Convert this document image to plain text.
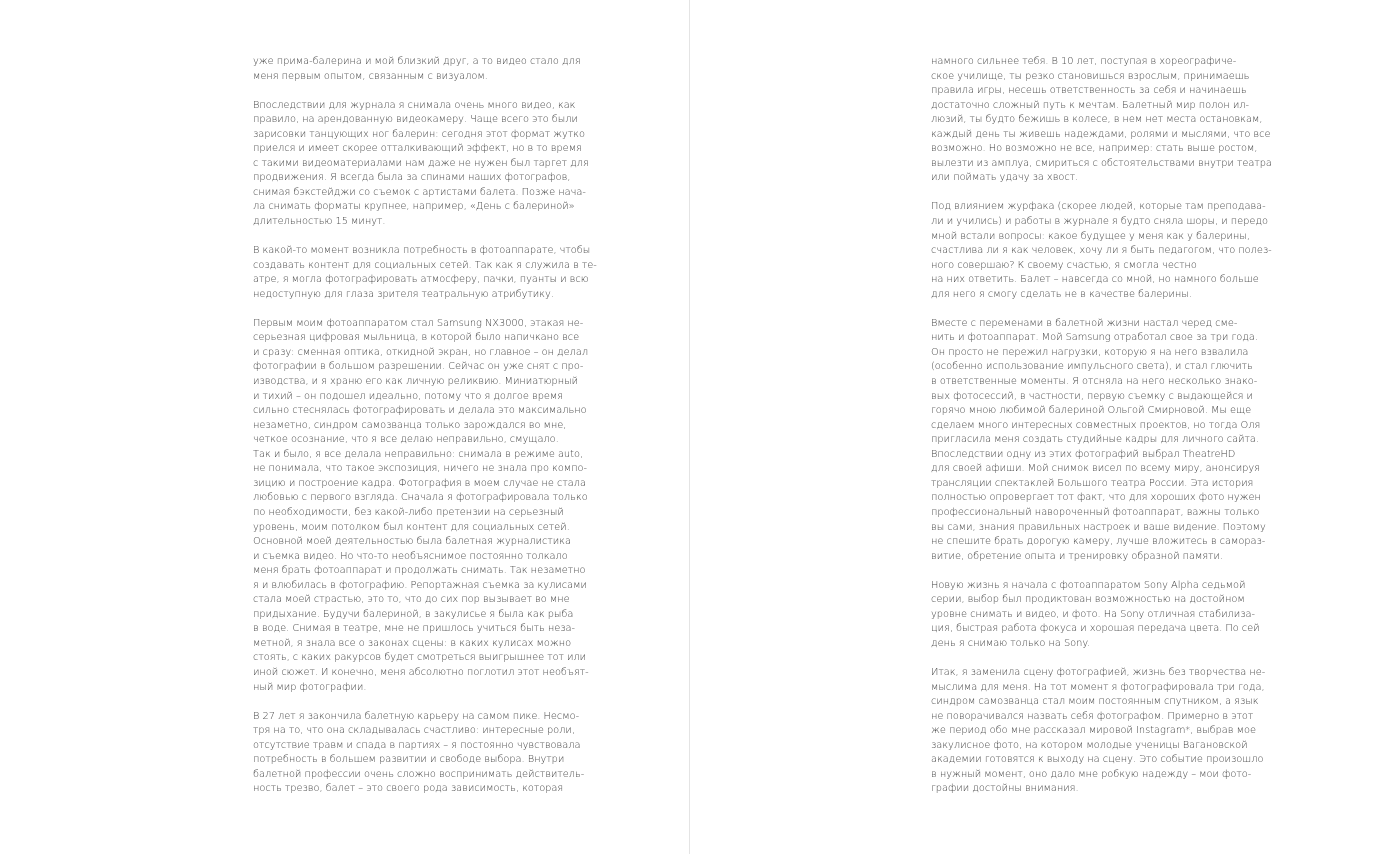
уже прима-балерина и мой близкий друг, а то видео стало для
меня первым опытом, связанным с визуалом.
Впоследствии для журнала я снимала очень много видео, как
правило, на арендованную видеокамеру. Чаще всего это были
зарисовки танцующих ног балерин: сегодня этот формат жутко
приелся и имеет скорее отталкивающий эффект, но в то время
с такими видеоматериалами нам даже не нужен был таргет для
продвижения. Я всегда была за спинами наших фотографов,
снимая бэкстейджи со съемок с артистами балета. Позже нача-
ла снимать форматы крупнее, например, «День с балериной»
длительностью 15 минут.
В какой-то момент возникла потребность в фотоаппарате, чтобы
создавать контент для социальных сетей. Так как я служила в те-
атре, я могла фотографировать атмосферу, пачки, пуанты и всю
недоступную для глаза зрителя театральную атрибутику.
Первым моим фотоаппаратом стал Samsung NX3000, этакая не-
серьезная цифровая мыльница, в которой было напичкано все
и сразу: сменная оптика, откидной экран, но главное – он делал
фотографии в большом разрешении. Сейчас он уже снят с про-
изводства, и я храню его как личную реликвию. Миниатюрный
и тихий – он подошел идеально, потому что я долгое время
сильно стеснялась фотографировать и делала это максимально
незаметно, синдром самозванца только зарождался во мне,
четкое осознание, что я все делаю неправильно, смущало.
Так и было, я все делала неправильно: снимала в режиме auto,
не понимала, что такое экспозиция, ничего не знала про компо-
зицию и построение кадра. Фотография в моем случае не стала
любовью с первого взгляда. Сначала я фотографировала только
по необходимости, без какой-либо претензии на серьезный
уровень, моим потолком был контент для социальных сетей.
Основной моей деятельностью была балетная журналистика
и съемка видео. Но что-то необъяснимое постоянно толкало
меня брать фотоаппарат и продолжать снимать. Так незаметно
я и влюбилась в фотографию. Репортажная съемка за кулисами
стала моей страстью, это то, что до сих пор вызывает во мне
придыхание. Будучи балериной, в закулисье я была как рыба
в воде. Снимая в театре, мне не пришлось учиться быть неза-
метной, я знала все о законах сцены: в каких кулисах можно
стоять, с каких ракурсов будет смотреться выигрышнее тот или
иной сюжет. И конечно, меня абсолютно поглотил этот необъят-
ный мир фотографии.
В 27 лет я закончила балетную карьеру на самом пике. Несмо-
тря на то, что она складывалась счастливо: интересные роли,
отсутствие травм и спада в партиях – я постоянно чувствовала
потребность в большем развитии и свободе выбора. Внутри
балетной профессии очень сложно воспринимать действитель-
ность трезво, балет – это своего рода зависимость, которая
намного сильнее тебя. В 10 лет, поступая в хореографиче-
ское училище, ты резко становишься взрослым, принимаешь
правила игры, несешь ответственность за себя и начинаешь
достаточно сложный путь к мечтам. Балетный мир полон ил-
люзий, ты будто бежишь в колесе, в нем нет места остановкам,
каждый день ты живешь надеждами, ролями и мыслями, что все
возможно. Но возможно не все, например: стать выше ростом,
вылезти из амплуа, смириться с обстоятельствами внутри театра
или поймать удачу за хвост.
Под влиянием журфака (скорее людей, которые там преподава-
ли и учились) и работы в журнале я будто сняла шоры, и передо
мной встали вопросы: какое будущее у меня как у балерины,
счастлива ли я как человек, хочу ли я быть педагогом, что полез-
ного совершаю? К своему счастью, я смогла честно
на них ответить. Балет – навсегда со мной, но намного больше
для него я смогу сделать не в качестве балерины.
Вместе с переменами в балетной жизни настал черед сме-
нить и фотоаппарат. Мой Samsung отработал свое за три года.
Он просто не пережил нагрузки, которую я на него взвалила
(особенно использование импульсного света), и стал глючить
в ответственные моменты. Я отсняла на него несколько знако-
вых фотосессий, в частности, первую съемку с выдающейся и
горячо мною любимой балериной Ольгой Смирновой. Мы еще
сделаем много интересных совместных проектов, но тогда Оля
пригласила меня создать студийные кадры для личного сайта.
Впоследствии одну из этих фотографий выбрал TheatreHD
для своей афиши. Мой снимок висел по всему миру, анонсируя
трансляции спектаклей Большого театра России. Эта история
полностью опровергает тот факт, что для хороших фото нужен
профессиональный навороченный фотоаппарат, важны только
вы сами, знания правильных настроек и ваше видение. Поэтому
не спешите брать дорогую камеру, лучше вложитесь в самораз-
витие, обретение опыта и тренировку образной памяти.
Новую жизнь я начала с фотоаппаратом Sony Alpha седьмой
серии, выбор был продиктован возможностью на достойном
уровне снимать и видео, и фото. На Sony отличная стабилиза-
ция, быстрая работа фокуса и хорошая передача цвета. По сей
день я снимаю только на Sony.
Итак, я заменила сцену фотографией, жизнь без творчества не-
мыслима для меня. На тот момент я фотографировала три года,
синдром самозванца стал моим постоянным спутником, а язык
не поворачивался назвать себя фотографом. Примерно в этот
же период обо мне рассказал мировой Instagram*, выбрав мое
закулисное фото, на котором молодые ученицы Вагановской
академии готовятся к выходу на сцену. Это событие произошло
в нужный момент, оно дало мне робкую надежду – мои фото-
графии достойны внимания.
